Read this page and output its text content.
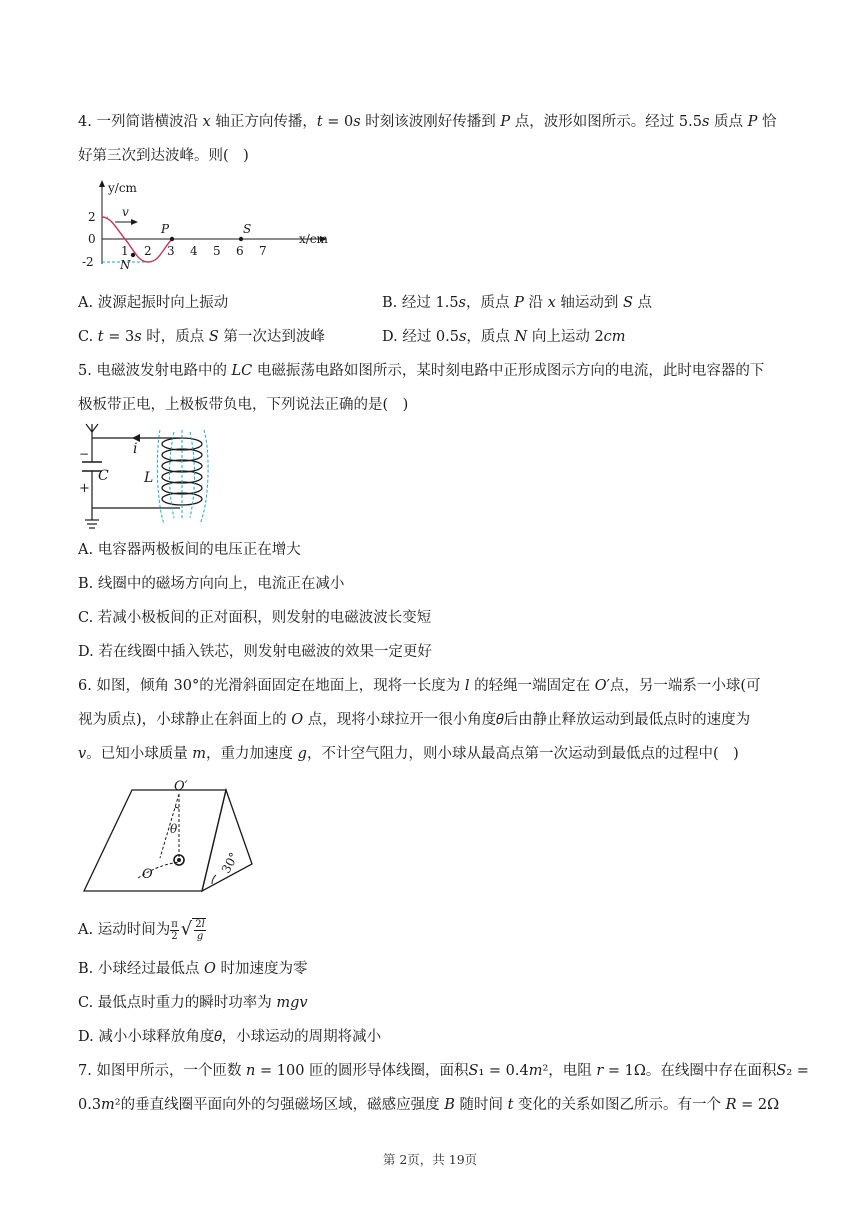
4. 一列简谐横波沿 𝑥 轴正方向传播，𝑡 = 0𝑠 时刻该波刚好传播到 𝑃 点，波形如图所示。经过 5.5𝑠 质点 𝑃 恰
好第三次到达波峰。则(　)
y/cm
x/cm
2
0
-2
1 2 3 4 5 6 7
v
P	S
N
A. 波源起振时向上振动	B. 经过 1.5𝑠，质点 𝑃 沿 𝑥 轴运动到 𝑆 点
C. 𝑡 = 3𝑠 时，质点 𝑆 第一次达到波峰	D. 经过 0.5𝑠，质点 𝑁 向上运动 2𝑐𝑚
5. 电磁波发射电路中的 𝐿𝐶 电磁振荡电路如图所示，某时刻电路中正形成图示方向的电流，此时电容器的下
极板带正电，上极板带负电，下列说法正确的是(　)
−
+
C
i
L
A. 电容器两极板间的电压正在增大
B. 线圈中的磁场方向向上，电流正在减小
C. 若减小极板间的正对面积，则发射的电磁波波长变短
D. 若在线圈中插入铁芯，则发射电磁波的效果一定更好
6. 如图，倾角 30°的光滑斜面固定在地面上，现将一长度为 𝑙 的轻绳一端固定在 𝑂′点，另一端系一小球(可
视为质点)，小球静止在斜面上的 𝑂 点，现将小球拉开一很小角度𝜃后由静止释放运动到最低点时的速度为
𝑣。已知小球质量 𝑚，重力加速度 𝑔，不计空气阻力，则小球从最高点第一次运动到最低点的过程中(　)
O′
θ
O	30°
A. 运动时间为 $\frac{\pi}{2}$ √ $\frac{\text{2𝑙}}{\text{𝑔}}$
B. 小球经过最低点 𝑂 时加速度为零
C. 最低点时重力的瞬时功率为 𝑚𝑔𝑣
D. 减小小球释放角度𝜃，小球运动的周期将减小
7. 如图甲所示，一个匝数 𝑛 = 100 匝的圆形导体线圈，面积𝑆₁ = 0.4𝑚²，电阻 𝑟 = 1Ω。在线圈中存在面积𝑆₂ =
0.3𝑚²的垂直线圈平面向外的匀强磁场区域，磁感应强度 𝐵 随时间 𝑡 变化的关系如图乙所示。有一个 𝑅 = 2Ω
第 2页，共 19页
